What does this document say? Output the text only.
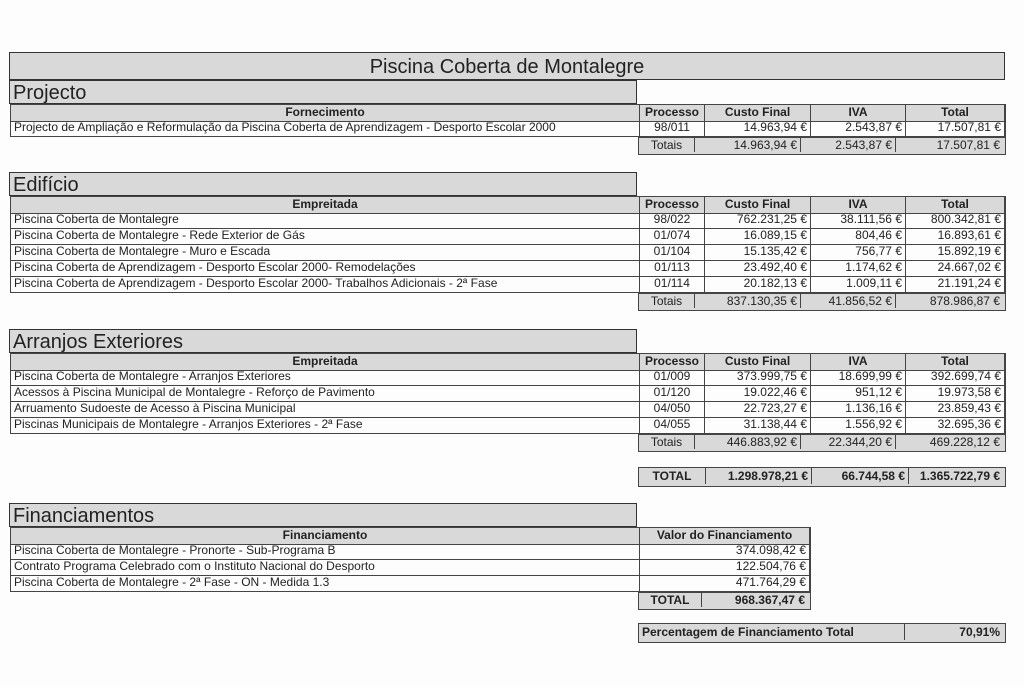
Piscina Coberta de Montalegre
Projecto
Fornecimento	Processo	Custo Final	IVA	Total
Projecto de Ampliação e Reformulação da Piscina Coberta de Aprendizagem - Desporto Escolar 2000	98/011	14.963,94 €	2.543,87 €	17.507,81 €
Totais	14.963,94 €	2.543,87 €	17.507,81 €
Edifício
Empreitada	Processo	Custo Final	IVA	Total
Piscina Coberta de Montalegre	98/022	762.231,25 €	38.111,56 €	800.342,81 €
Piscina Coberta de Montalegre - Rede Exterior de Gás	01/074	16.089,15 €	804,46 €	16.893,61 €
Piscina Coberta de Montalegre - Muro e Escada	01/104	15.135,42 €	756,77 €	15.892,19 €
Piscina Coberta de Aprendizagem - Desporto Escolar 2000- Remodelações	01/113	23.492,40 €	1.174,62 €	24.667,02 €
Piscina Coberta de Aprendizagem - Desporto Escolar 2000- Trabalhos Adicionais - 2ª Fase	01/114	20.182,13 €	1.009,11 €	21.191,24 €
Totais	837.130,35 €	41.856,52 €	878.986,87 €
Arranjos Exteriores
Empreitada	Processo	Custo Final	IVA	Total
Piscina Coberta de Montalegre - Arranjos Exteriores	01/009	373.999,75 €	18.699,99 €	392.699,74 €
Acessos à Piscina Municipal de Montalegre - Reforço de Pavimento	01/120	19.022,46 €	951,12 €	19.973,58 €
Arruamento Sudoeste de Acesso à Piscina Municipal	04/050	22.723,27 €	1.136,16 €	23.859,43 €
Piscinas Municipais de Montalegre - Arranjos Exteriores - 2ª Fase	04/055	31.138,44 €	1.556,92 €	32.695,36 €
Totais	446.883,92 €	22.344,20 €	469.228,12 €
TOTAL	1.298.978,21 €	66.744,58 €	1.365.722,79 €
Financiamentos
Financiamento	Valor do Financiamento
Piscina Coberta de Montalegre - Pronorte - Sub-Programa B	374.098,42 €
Contrato Programa Celebrado com o Instituto Nacional do Desporto	122.504,76 €
Piscina Coberta de Montalegre - 2ª Fase - ON - Medida 1.3	471.764,29 €
TOTAL	968.367,47 €
Percentagem de Financiamento Total	70,91%
